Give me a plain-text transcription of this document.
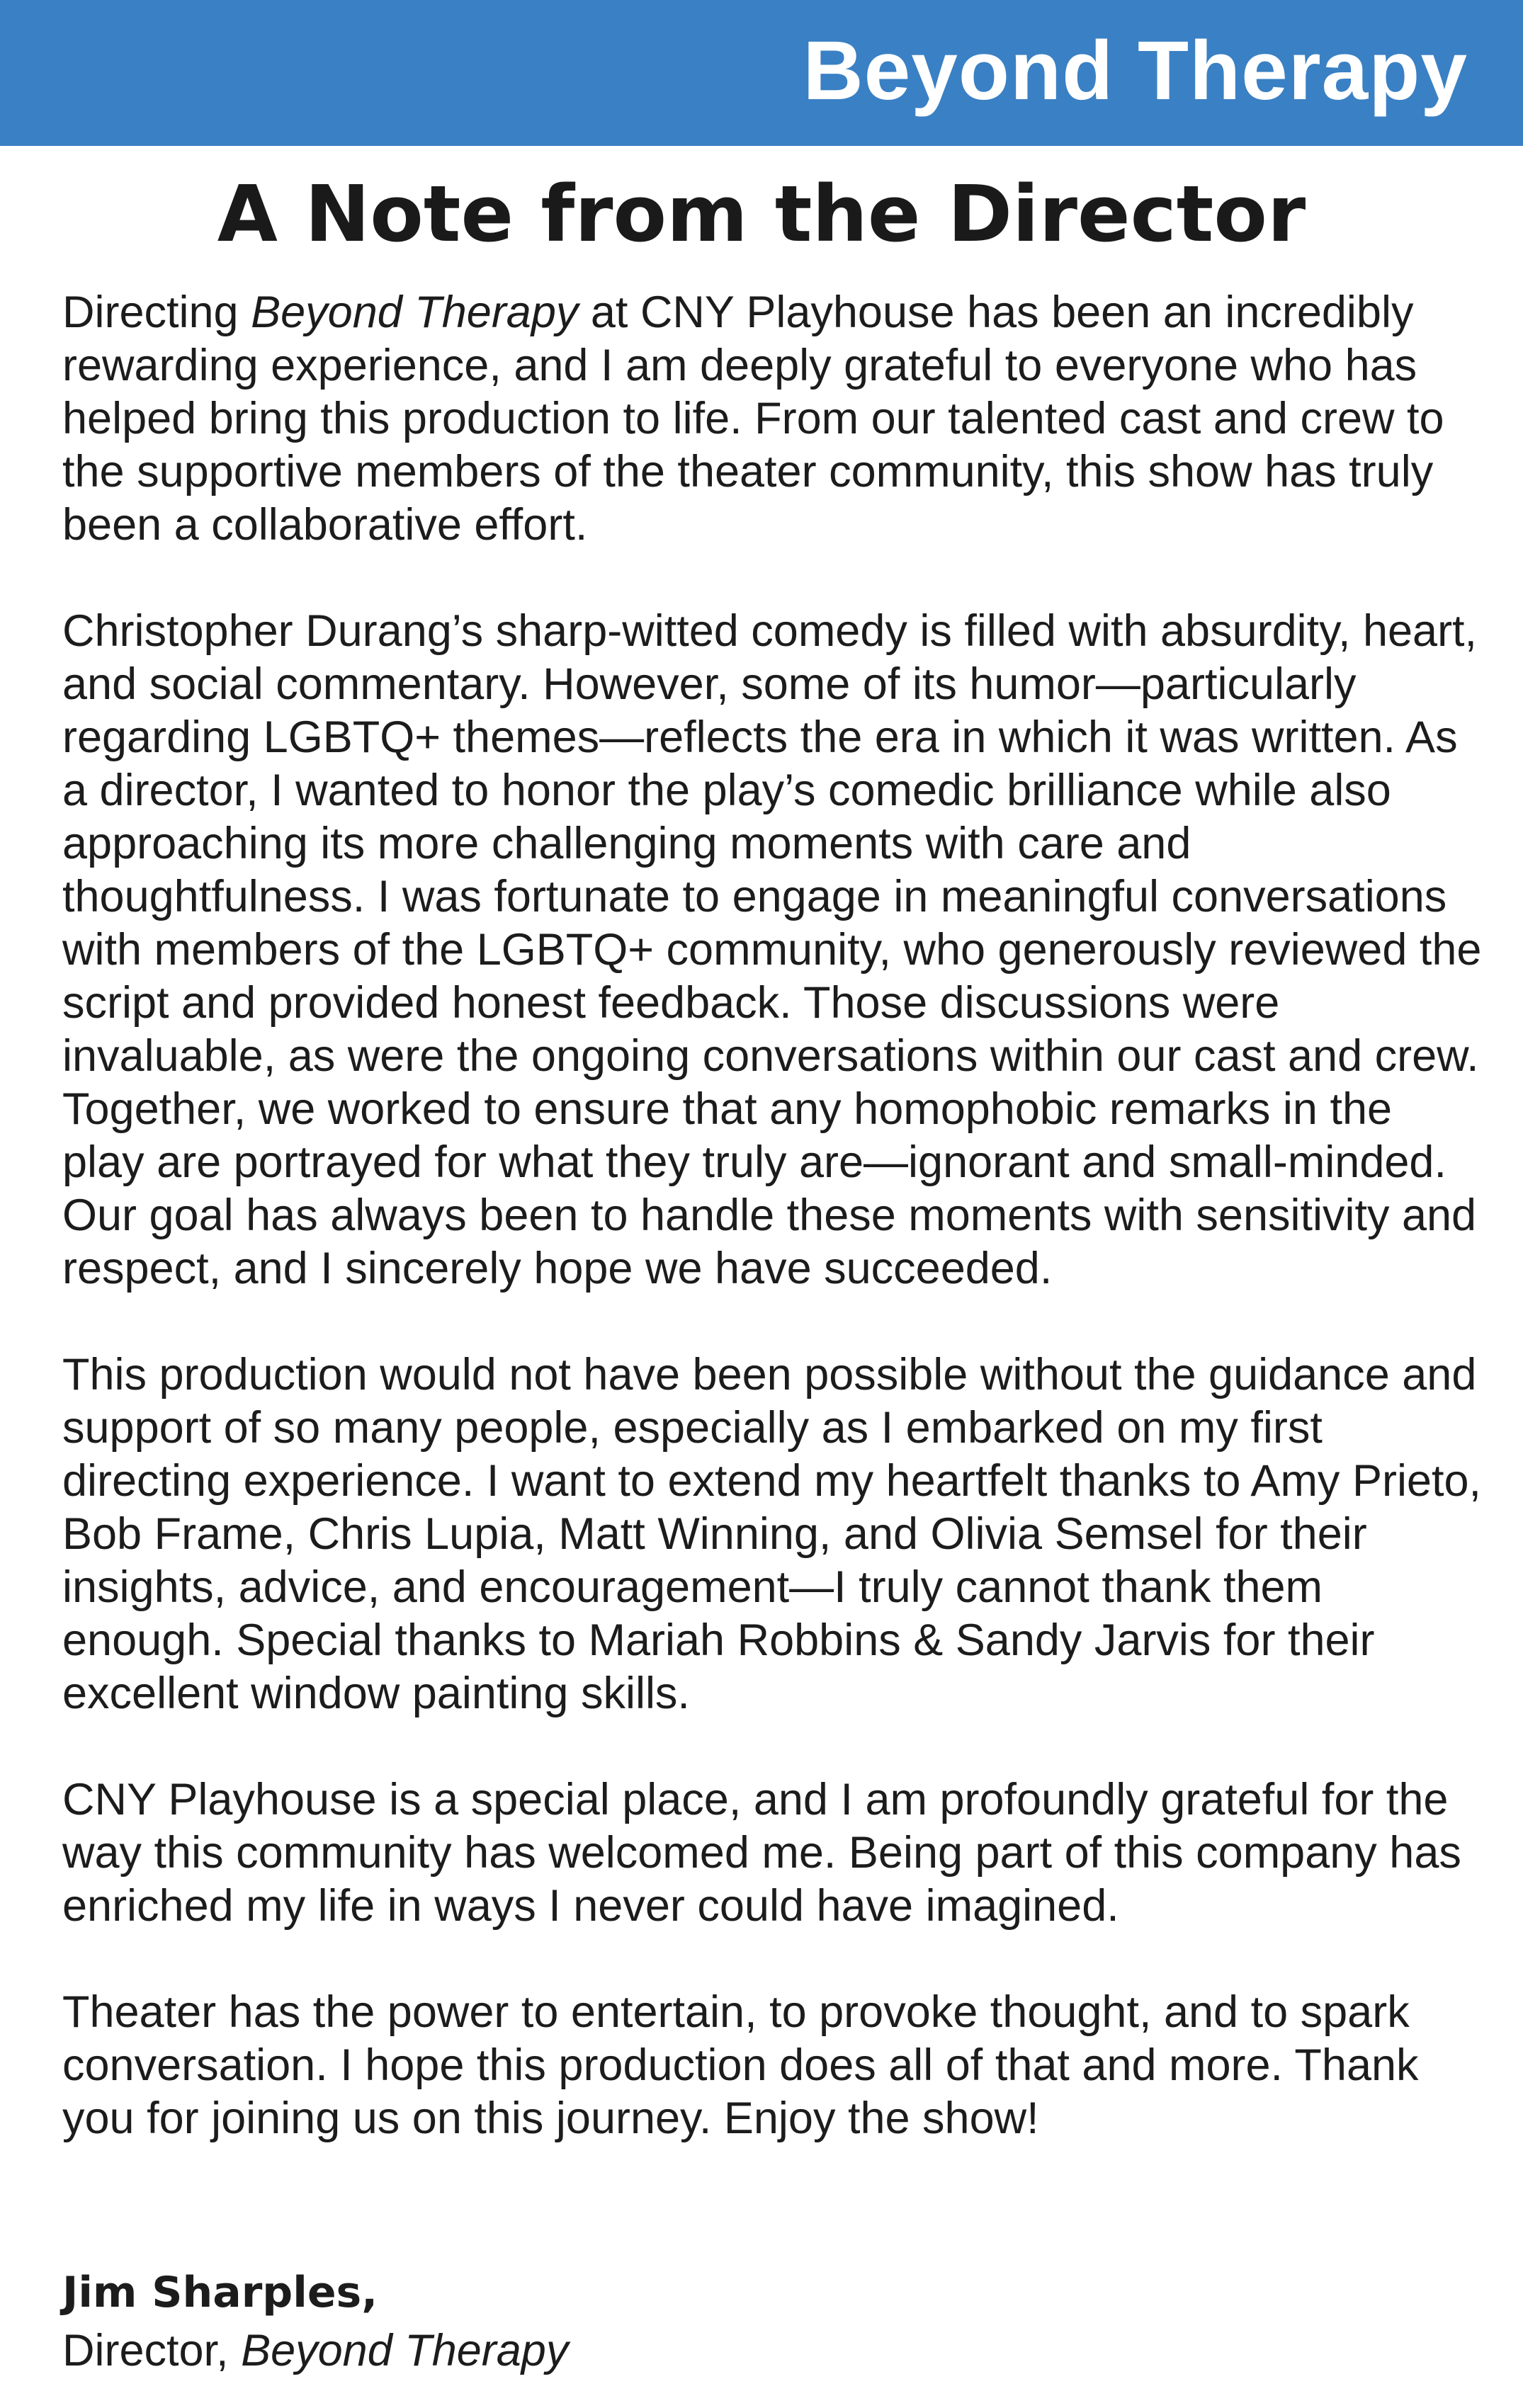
Beyond Therapy
A Note from the Director

Directing Beyond Therapy at CNY Playhouse has been an incredibly rewarding experience, and I am deeply grateful to everyone who has helped bring this production to life. From our talented cast and crew to the supportive members of the theater community, this show has truly been a collaborative effort.

Christopher Durang’s sharp-witted comedy is filled with absurdity, heart, and social commentary. However, some of its humor—particularly regarding LGBTQ+ themes—reflects the era in which it was written. As a director, I wanted to honor the play’s comedic brilliance while also approaching its more challenging moments with care and thoughtfulness. I was fortunate to engage in meaningful conversations with members of the LGBTQ+ community, who generously reviewed the script and provided honest feedback. Those discussions were invaluable, as were the ongoing conversations within our cast and crew. Together, we worked to ensure that any homophobic remarks in the play are portrayed for what they truly are—ignorant and small-minded. Our goal has always been to handle these moments with sensitivity and respect, and I sincerely hope we have succeeded.

This production would not have been possible without the guidance and support of so many people, especially as I embarked on my first directing experience. I want to extend my heartfelt thanks to Amy Prieto, Bob Frame, Chris Lupia, Matt Winning, and Olivia Semsel for their insights, advice, and encouragement—I truly cannot thank them enough. Special thanks to Mariah Robbins & Sandy Jarvis for their excellent window painting skills.

CNY Playhouse is a special place, and I am profoundly grateful for the way this community has welcomed me. Being part of this company has enriched my life in ways I never could have imagined.

Theater has the power to entertain, to provoke thought, and to spark conversation. I hope this production does all of that and more. Thank you for joining us on this journey. Enjoy the show!

Jim Sharples,
Director, Beyond Therapy
